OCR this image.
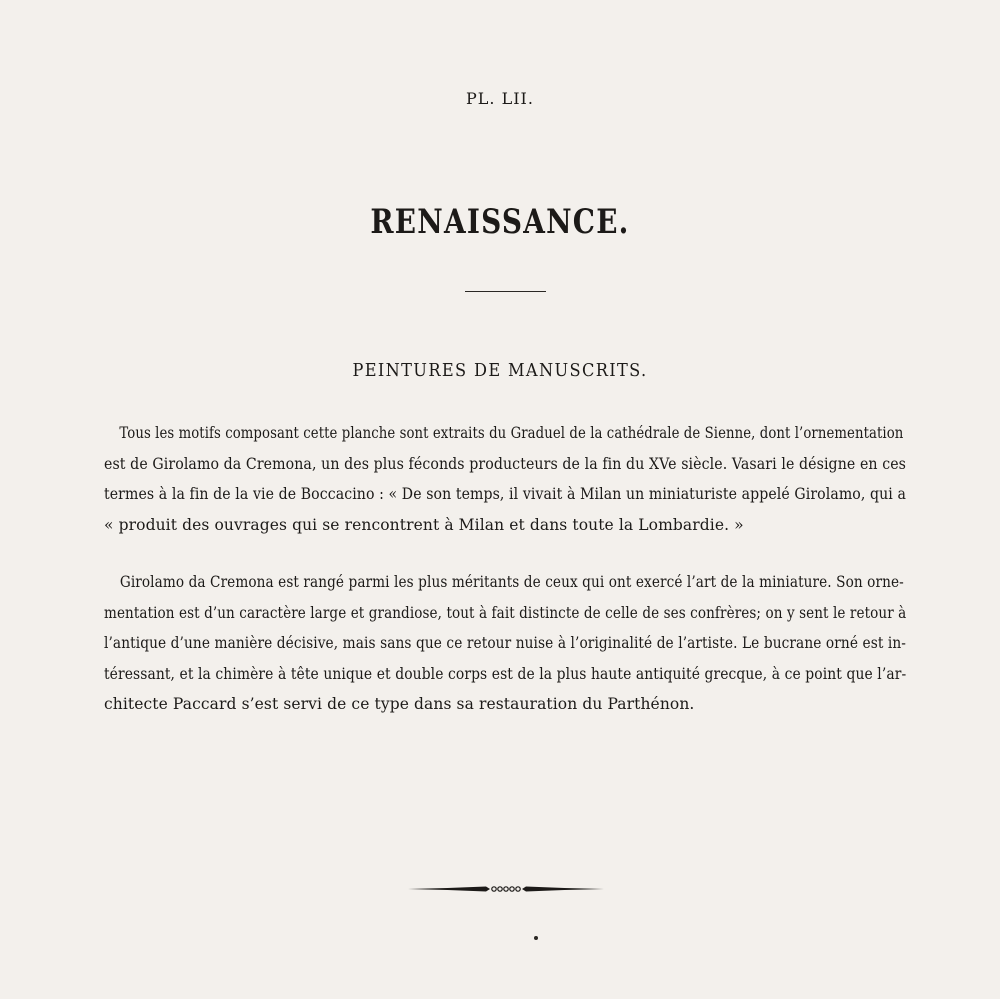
PL. LII.
RENAISSANCE.
PEINTURES DE MANUSCRITS.
Tous les motifs composant cette planche sont extraits du Graduel de la cathédrale de Sienne, dont l’ornementation
est de Girolamo da Cremona, un des plus féconds producteurs de la fin du XVe siècle. Vasari le désigne en ces
termes à la fin de la vie de Boccacino : « De son temps, il vivait à Milan un miniaturiste appelé Girolamo, qui a
« produit des ouvrages qui se rencontrent à Milan et dans toute la Lombardie. »
Girolamo da Cremona est rangé parmi les plus méritants de ceux qui ont exercé l’art de la miniature. Son orne-
mentation est d’un caractère large et grandiose, tout à fait distincte de celle de ses confrères; on y sent le retour à
l’antique d’une manière décisive, mais sans que ce retour nuise à l’originalité de l’artiste. Le bucrane orné est in-
téressant, et la chimère à tête unique et double corps est de la plus haute antiquité grecque, à ce point que l’ar-
chitecte Paccard s’est servi de ce type dans sa restauration du Parthénon.
